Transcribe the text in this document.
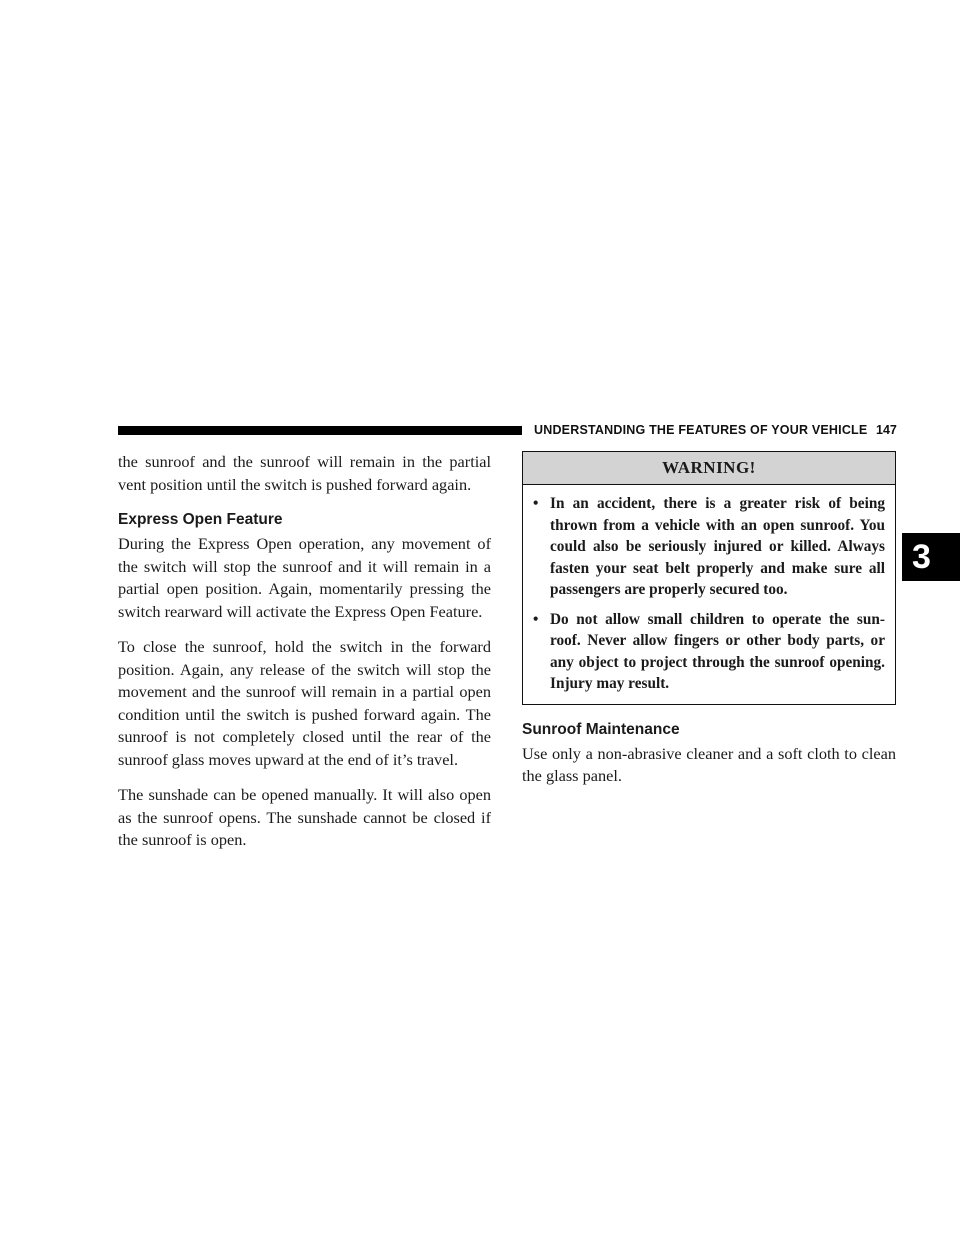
UNDERSTANDING THE FEATURES OF YOUR VEHICLE 147
3

the sunroof and the sunroof will remain in the partial vent position until the switch is pushed forward again.

Express Open Feature

During the Express Open operation, any movement of the switch will stop the sunroof and it will remain in a partial open position. Again, momentarily pressing the switch rearward will activate the Express Open Feature.

To close the sunroof, hold the switch in the forward position. Again, any release of the switch will stop the movement and the sunroof will remain in a partial open condition until the switch is pushed forward again. The sunroof is not completely closed until the rear of the sunroof glass moves upward at the end of it’s travel.

The sunshade can be opened manually. It will also open as the sunroof opens. The sunshade cannot be closed if the sunroof is open.

WARNING!
• In an accident, there is a greater risk of being thrown from a vehicle with an open sunroof. You could also be seriously injured or killed. Always fasten your seat belt properly and make sure all passengers are properly secured too.
• Do not allow small children to operate the sun-roof. Never allow fingers or other body parts, or any object to project through the sunroof opening. Injury may result.
Sunroof Maintenance

Use only a non-abrasive cleaner and a soft cloth to clean the glass panel.
